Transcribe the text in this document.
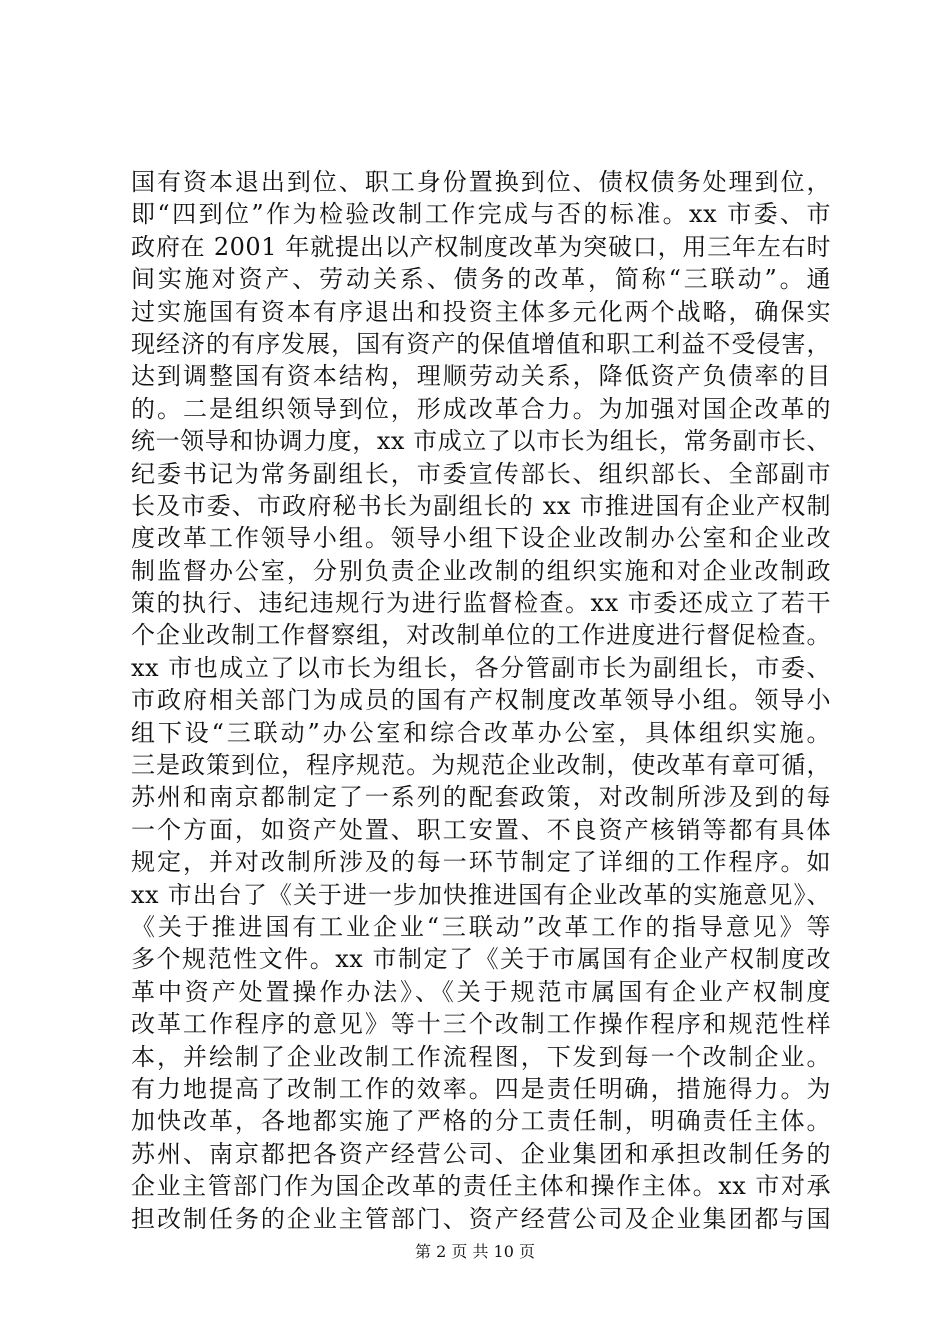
国有资本退出到位、职工身份置换到位、债权债务处理到位，
即“四到位”作为检验改制工作完成与否的标准。xx 市委、市
政府在 2001 年就提出以产权制度改革为突破口，用三年左右时
间实施对资产、劳动关系、债务的改革，简称“三联动”。通
过实施国有资本有序退出和投资主体多元化两个战略，确保实
现经济的有序发展，国有资产的保值增值和职工利益不受侵害，
达到调整国有资本结构，理顺劳动关系，降低资产负债率的目
的。二是组织领导到位，形成改革合力。为加强对国企改革的
统一领导和协调力度，xx 市成立了以市长为组长，常务副市长、
纪委书记为常务副组长，市委宣传部长、组织部长、全部副市
长及市委、市政府秘书长为副组长的 xx 市推进国有企业产权制
度改革工作领导小组。领导小组下设企业改制办公室和企业改
制监督办公室，分别负责企业改制的组织实施和对企业改制政
策的执行、违纪违规行为进行监督检查。xx 市委还成立了若干
个企业改制工作督察组，对改制单位的工作进度进行督促检查。
xx 市也成立了以市长为组长，各分管副市长为副组长，市委、
市政府相关部门为成员的国有产权制度改革领导小组。领导小
组下设“三联动”办公室和综合改革办公室，具体组织实施。
三是政策到位，程序规范。为规范企业改制，使改革有章可循，
苏州和南京都制定了一系列的配套政策，对改制所涉及到的每
一个方面，如资产处置、职工安置、不良资产核销等都有具体
规定，并对改制所涉及的每一环节制定了详细的工作程序。如
xx 市出台了《关于进一步加快推进国有企业改革的实施意见》、
《关于推进国有工业企业“三联动”改革工作的指导意见》等
多个规范性文件。xx 市制定了《关于市属国有企业产权制度改
革中资产处置操作办法》、《关于规范市属国有企业产权制度
改革工作程序的意见》等十三个改制工作操作程序和规范性样
本，并绘制了企业改制工作流程图，下发到每一个改制企业。
有力地提高了改制工作的效率。四是责任明确，措施得力。为
加快改革，各地都实施了严格的分工责任制，明确责任主体。
苏州、南京都把各资产经营公司、企业集团和承担改制任务的
企业主管部门作为国企改革的责任主体和操作主体。xx 市对承
担改制任务的企业主管部门、资产经营公司及企业集团都与国
第 2 页 共 10 页
